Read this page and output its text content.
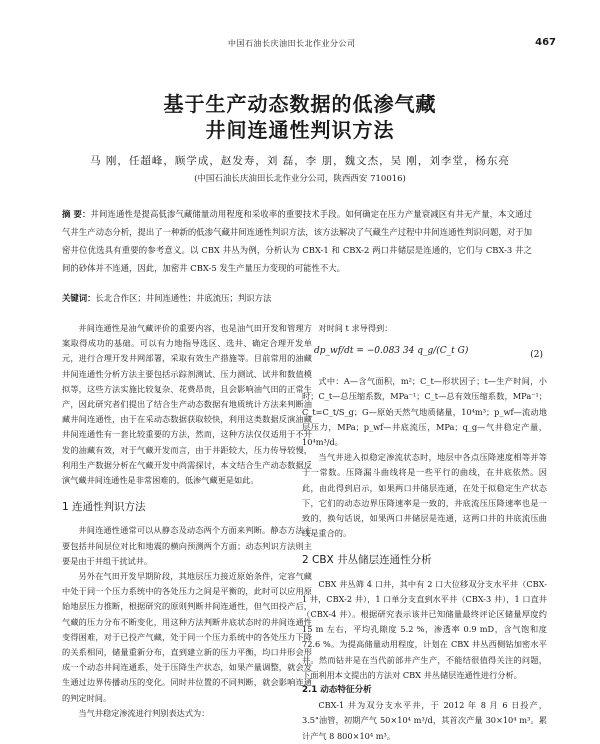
中国石油长庆油田长北作业分公司	467
基于生产动态数据的低渗气藏
井间连通性判识方法
马 刚，任超峰，顾学成，赵发寿，刘 磊，李 朋，魏文杰，吴 刚，刘李堂，杨东亮
(中国石油长庆油田长北作业分公司，陕西西安 710016)
摘 要：井间连通性是提高低渗气藏储量动用程度和采收率的重要技术手段。如何确定在压力产量衰减区有井无产量，本文通过气井生产动态分析，提出了一种新的低渗气藏井间连通性判识方法，该方法解决了气藏生产过程中井间连通性判识问题，对于加密井位优选具有重要的参考意义。以 CBX 井丛为例，分析认为 CBX-1 和 CBX-2 两口井储层是连通的，它们与 CBX-3 井之间的砂体并不连通，因此，加密井 CBX-5 发生产量压力变现的可能性不大。
关键词：长北合作区；井间连通性；井底流压；判识方法

井间连通性是油气藏评价的重要内容，也是油气田开发和管理方案取得成功的基础。可以有力地指导选区、选井、确定合理开发单元，进行合理开发井网部署，采取有效生产措施等。目前常用的油藏井间连通性分析方法主要包括示踪剂测试、压力测试、试井和数值模拟等，这些方法实施比较复杂、花费昂贵，且会影响油气田的正常生产，因此研究者们提出了结合生产动态数据有地质统计方法来判断油藏井间连通性，由于在采动态数据获取较快，利用这类数据反演油藏井间连通性有一套比较重要的方法，然而，这种方法仅仅适用于不开发的油藏有效，对于气藏开发而言，由于井距较大，压力传导较慢，利用生产数据分析在气藏开发中尚需探讨，本文结合生产动态数据反演气藏井间连通性是非常困难的，低渗气藏更是如此。

1 连通性判识方法

井间连通性通常可以从静态及动态两个方面来判断。静态方法主要包括井间层位对比和地震的横向预测两个方面；动态判识方法则主要是由于井组干扰试井。

另外在气田开发早期阶段，其地层压力接近原始条件，定容气藏中处于同一个压力系统中的各处压力之间是平衡的，此时可以应用原始地层压力推断，根据研究的原则判断井间连通性，但气田投产后，气藏的压力分布不断变化，用这种方法判断井底状态时的井间连通性变得困难，对于已投产气藏，处于同一个压力系统中的各处压力下降的关系相同，储量重新分布，直到建立新的压力平衡，均口井形会形成一个动态井间连通系，处于压降生产状态，如果产量调整，就会发生通过边界传播动压的变化。同时井位置的不同判断，就会影响连通的判定时间。

当气井稳定渗流进行判别表达式为：

对时间 t 求导得到：

dp_wf/dt = −0.083 34 q_g/(C_t G)	(2)

式中：A—含气面积，m²；C_t—形状因子；t—生产时间，小时；C_t—总压缩系数，MPa⁻¹；C_t—总有效压缩系数，MPa⁻¹；C_t=C_t/S_g；G—原始天然气地质储量，10⁴m³；p_wf—流动地层压力，MPa；p_wf—井底流压，MPa；q_g—气井稳定产量，10⁴m³/d。

当气井进入拟稳定渗流状态时，地层中各点压降速度相等并等于一常数。压降漏斗曲线将是一些平行的曲线，在井底依然。因此，由此得到启示，如果两口井储层连通，在处于拟稳定生产状态下，它们的动态边界压降速率是一致的，井底流压压降速率也是一致的，换句话说，如果两口井储层是连通，这两口井的井底流压曲线是重合的。

2 CBX 井丛储层连通性分析

CBX 井丛筛 4 口井，其中有 2 口大位移双分支水平井（CBX-1 井，CBX-2 井），1 口单分支直到水平井（CBX-3 井），1 口直井（CBX-4 井）。根据研究表示该井已知储量最终评论区储量厚度约 15 m 左右，平均孔隙度 5.2 %，渗透率 0.9 mD，含气饱和度 72.6 %。为提高储量动用程度，计划在 CBX 井丛西侧钻加密水平井。然而钻井是在当代前部井产生产，不能结很值得关注的问题，下面利用本文提出的方法对 CBX 井丛储层连通性进行分析。

2.1 动态特征分析

CBX-1 井为双分支水平井，于 2012 年 8 月 6 日投产，3.5"油管，初期产气 50×10⁴ m³/d，其首次产量 30×10⁴ m³。累计产气 8 800×10⁴ m³。
